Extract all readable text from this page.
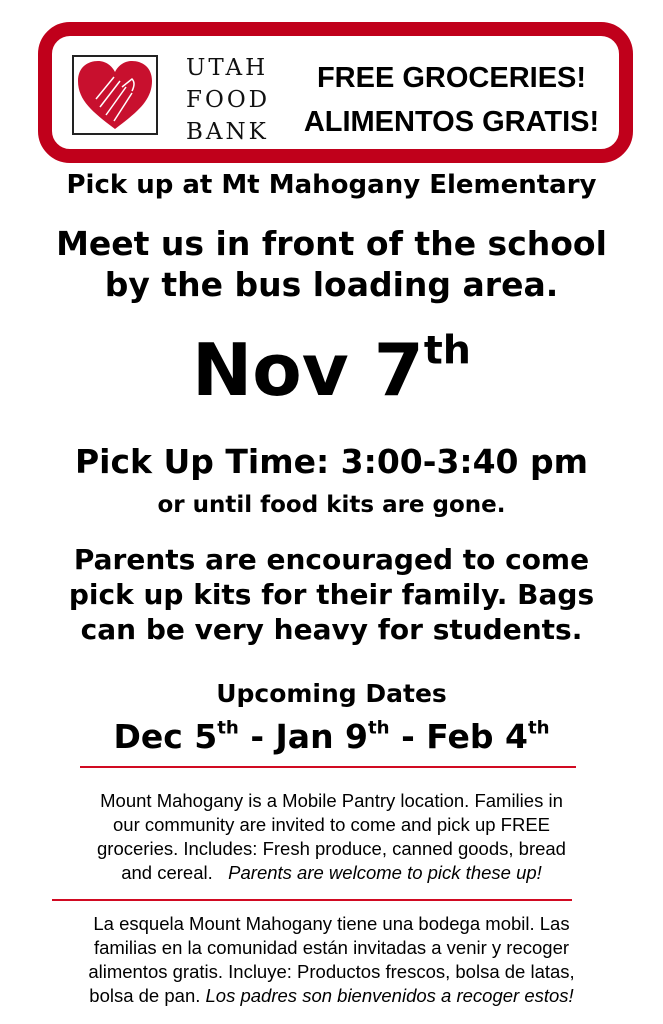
UTAH
FOOD
BANK
FREE GROCERIES!
ALIMENTOS GRATIS!
Pick up at Mt Mahogany Elementary
Meet us in front of the school
by the bus loading area.
Nov 7th
Pick Up Time: 3:00-3:40 pm
or until food kits are gone.
Parents are encouraged to come
pick up kits for their family. Bags
can be very heavy for students.
Upcoming Dates
Dec 5th - Jan 9th - Feb 4th
Mount Mahogany is a Mobile Pantry location. Families in
our community are invited to come and pick up FREE
groceries. Includes: Fresh produce, canned goods, bread
and cereal.   Parents are welcome to pick these up!
La esquela Mount Mahogany tiene una bodega mobil. Las
familias en la comunidad están invitadas a venir y recoger
alimentos gratis. Incluye: Productos frescos, bolsa de latas,
bolsa de pan. Los padres son bienvenidos a recoger estos!
